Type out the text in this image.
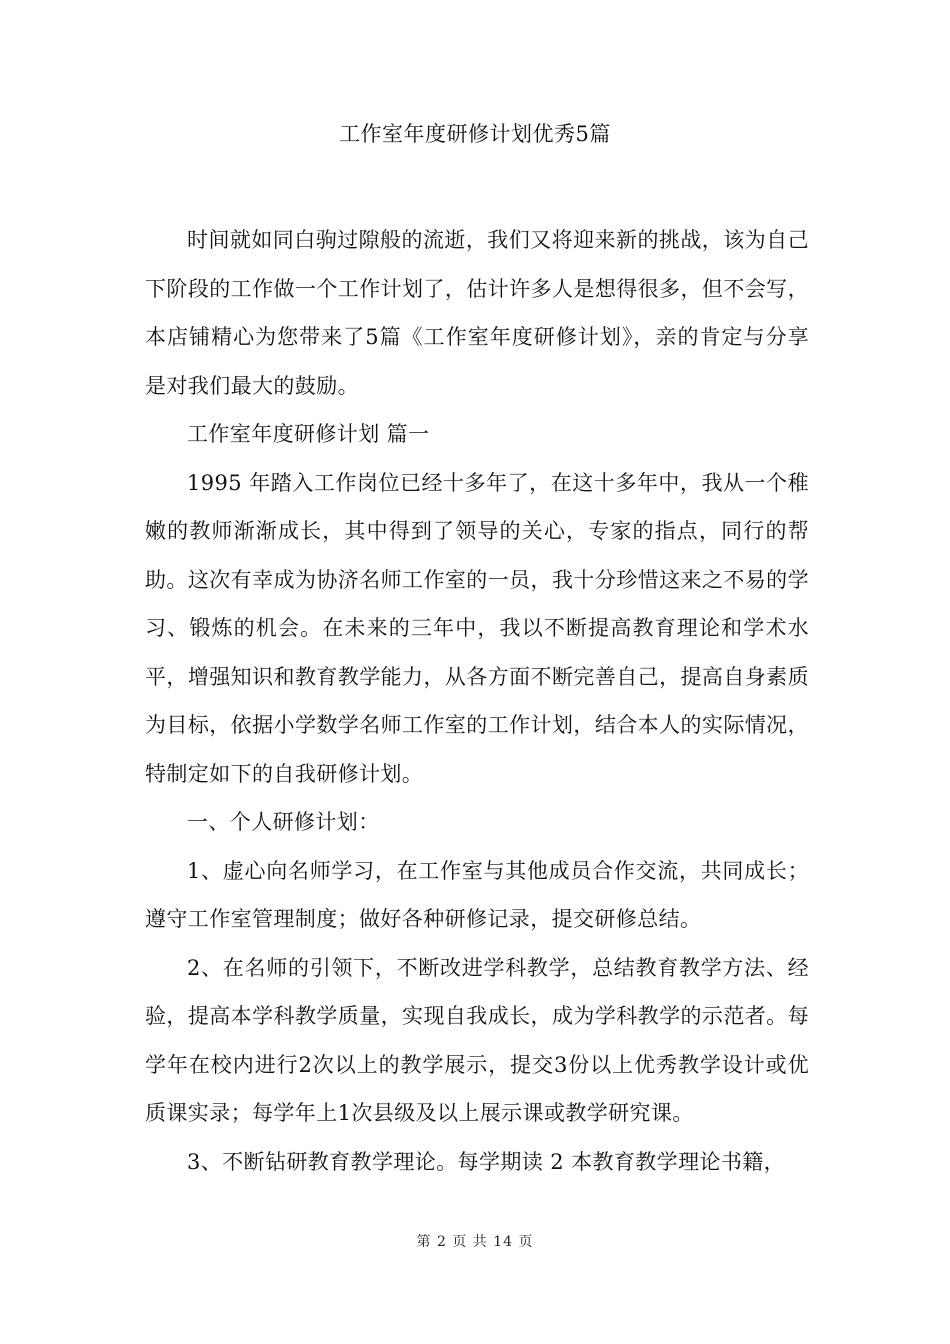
工作室年度研修计划优秀5篇

时间就如同白驹过隙般的流逝，我们又将迎来新的挑战，该为自己下阶段的工作做一个工作计划了，估计许多人是想得很多，但不会写，本店铺精心为您带来了5篇《工作室年度研修计划》，亲的肯定与分享是对我们最大的鼓励。

工作室年度研修计划 篇一

1995 年踏入工作岗位已经十多年了，在这十多年中，我从一个稚嫩的教师渐渐成长，其中得到了领导的关心，专家的指点，同行的帮助。这次有幸成为协济名师工作室的一员，我十分珍惜这来之不易的学习、锻炼的机会。在未来的三年中，我以不断提高教育理论和学术水平，增强知识和教育教学能力，从各方面不断完善自己，提高自身素质为目标，依据小学数学名师工作室的工作计划，结合本人的实际情况，特制定如下的自我研修计划。

一、个人研修计划：

1、虚心向名师学习，在工作室与其他成员合作交流，共同成长；遵守工作室管理制度；做好各种研修记录，提交研修总结。

2、在名师的引领下，不断改进学科教学，总结教育教学方法、经验，提高本学科教学质量，实现自我成长，成为学科教学的示范者。每学年在校内进行2次以上的教学展示，提交3份以上优秀教学设计或优质课实录；每学年上1次县级及以上展示课或教学研究课。

3、不断钻研教育教学理论。每学期读 2 本教育教学理论书籍，

第 2 页 共 14 页
